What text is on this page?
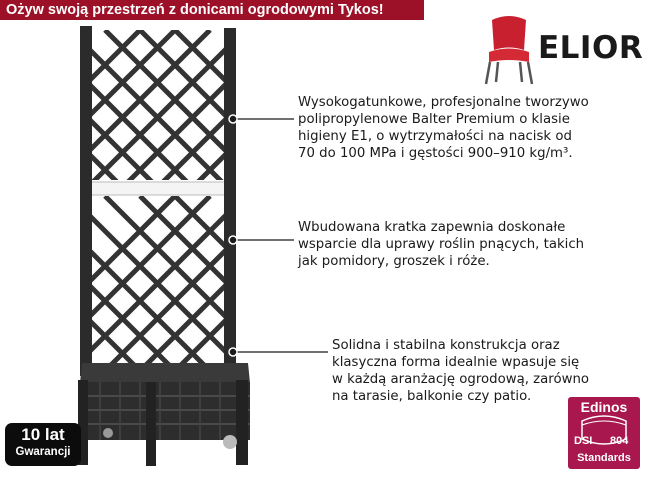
Ożyw swoją przestrzeń z donicami ogrodowymi Tykos!
ELIOR
Wysokogatunkowe, profesjonalne tworzywo
polipropylenowe Balter Premium o klasie
higieny E1, o wytrzymałości na nacisk od
70 do 100 MPa i gęstości 900–910 kg/m³.
Wbudowana kratka zapewnia doskonałe
wsparcie dla uprawy roślin pnących, takich
jak pomidory, groszek i róże.
Solidna i stabilna konstrukcja oraz
klasyczna forma idealnie wpasuje się
w każdą aranżację ogrodową, zarówno
na tarasie, balkonie czy patio.
10 lat
Gwarancji
Edinos
DSI 804
Standards
